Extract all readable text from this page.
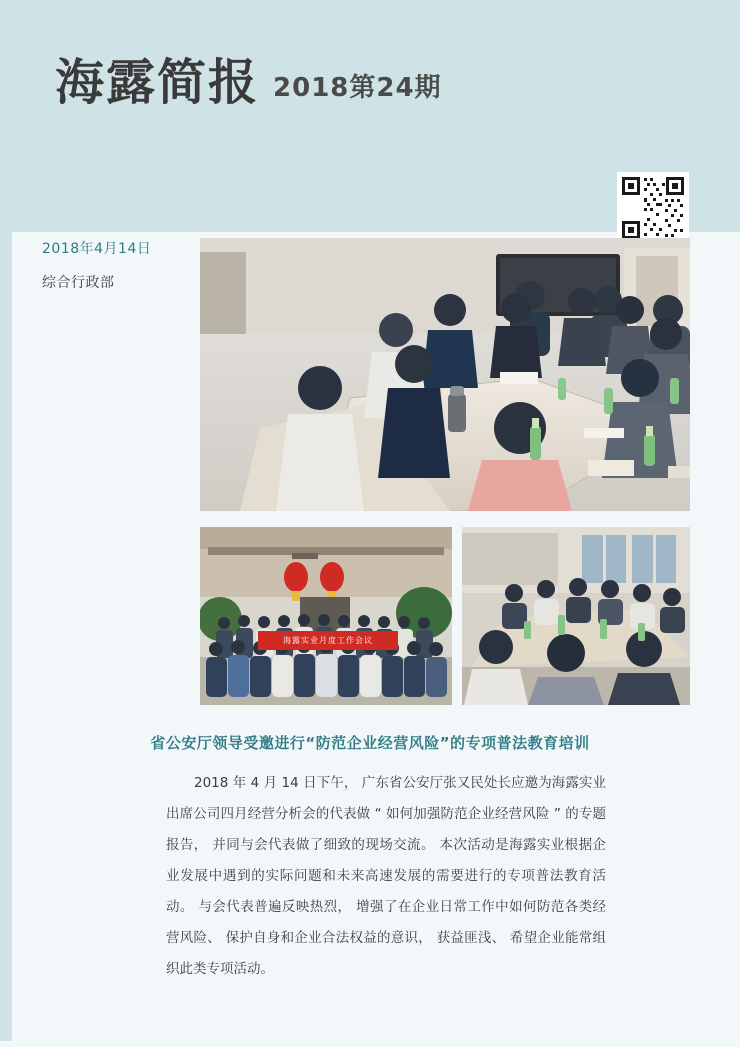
海露简报 2018第24期
2018年4月14日
综合行政部
海露实业月度工作会议
省公安厅领导受邀进行“防范企业经营风险”的专项普法教育培训
2018 年 4 月 14 日下午， 广东省公安厅张又民处长应邀为海露实业出席公司四月经营分析会的代表做 “ 如何加强防范企业经营风险 ” 的专题报告， 并同与会代表做了细致的现场交流。 本次活动是海露实业根据企业发展中遇到的实际问题和未来高速发展的需要进行的专项普法教育活动。 与会代表普遍反映热烈， 增强了在企业日常工作中如何防范各类经营风险、 保护自身和企业合法权益的意识， 获益匪浅、 希望企业能常组织此类专项活动。
